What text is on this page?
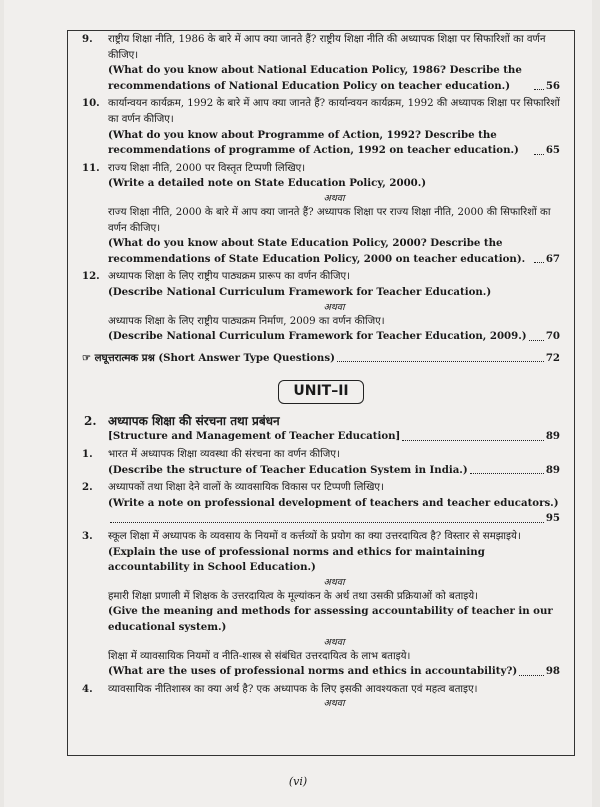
9. राष्ट्रीय शिक्षा नीति, 1986 के बारे में आप क्या जानते हैं? राष्ट्रीय शिक्षा नीति की अध्यापक शिक्षा पर सिफारिशों का वर्णन कीजिए।
(What do you know about National Education Policy, 1986? Describe the recommendations of National Education Policy on teacher education.)	56
10. कार्यान्वयन कार्यक्रम, 1992 के बारे में आप क्या जानते हैं? कार्यान्वयन कार्यक्रम, 1992 की अध्यापक शिक्षा पर सिफारिशों का वर्णन कीजिए।
(What do you know about Programme of Action, 1992? Describe the recommendations of programme of Action, 1992 on teacher education.)	65
11. राज्य शिक्षा नीति, 2000 पर विस्तृत टिप्पणी लिखिए।
(Write a detailed note on State Education Policy, 2000.)
अथवा
राज्य शिक्षा नीति, 2000 के बारे में आप क्या जानते हैं? अध्यापक शिक्षा पर राज्य शिक्षा नीति, 2000 की सिफारिशों का वर्णन कीजिए।
(What do you know about State Education Policy, 2000? Describe the recommendations of State Education Policy, 2000 on teacher education).	67
12. अध्यापक शिक्षा के लिए राष्ट्रीय पाठ्यक्रम प्रारूप का वर्णन कीजिए।
(Describe National Curriculum Framework for Teacher Education.)
अथवा
अध्यापक शिक्षा के लिए राष्ट्रीय पाठ्यक्रम निर्माण, 2009 का वर्णन कीजिए।
(Describe National Curriculum Framework for Teacher Education, 2009.) 70
☞ लघूत्तरात्मक प्रश्न (Short Answer Type Questions)	72
UNIT–II
2. अध्यापक शिक्षा की संरचना तथा प्रबंधन
[Structure and Management of Teacher Education]	89
1. भारत में अध्यापक शिक्षा व्यवस्था की संरचना का वर्णन कीजिए।
(Describe the structure of Teacher Education System in India.)	89
2. अध्यापकों तथा शिक्षा देने वालों के व्यावसायिक विकास पर टिप्पणी लिखिए।
(Write a note on professional development of teachers and teacher educators.)
95
3. स्कूल शिक्षा में अध्यापक के व्यवसाय के नियमों व कर्त्तव्यों के प्रयोग का क्या उत्तरदायित्व है? विस्तार से समझाइये।
(Explain the use of professional norms and ethics for maintaining accountability in School Education.)
अथवा
हमारी शिक्षा प्रणाली में शिक्षक के उत्तरदायित्व के मूल्यांकन के अर्थ तथा उसकी प्रक्रियाओं को बताइये।
(Give the meaning and methods for assessing accountability of teacher in our educational system.)
अथवा
शिक्षा में व्यावसायिक नियमों व नीति-शास्त्र से संबंधित उत्तरदायित्व के लाभ बताइये।
(What are the uses of professional norms and ethics in accountability?)	98
4. व्यावसायिक नीतिशास्त्र का क्या अर्थ है? एक अध्यापक के लिए इसकी आवश्यकता एवं महत्व बताइए।
अथवा
(vi)
